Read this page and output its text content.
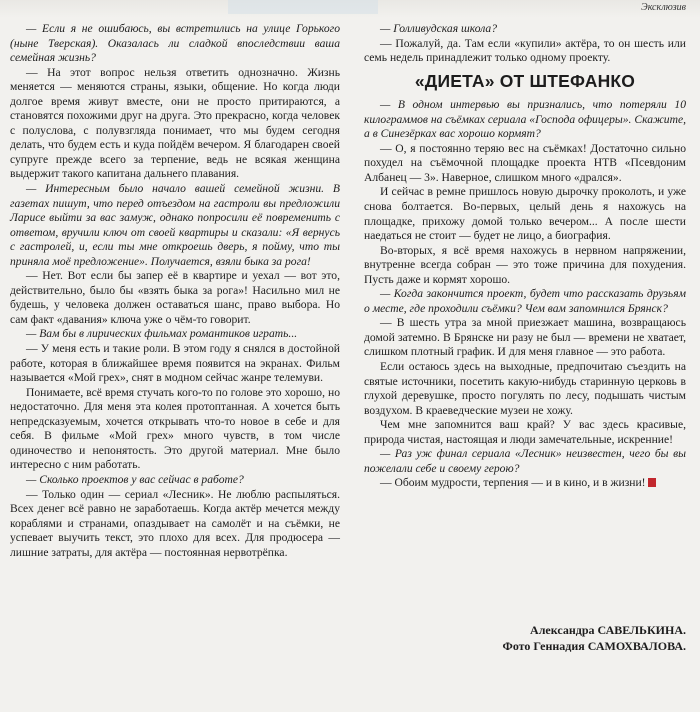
Эксклюзив

— Если я не ошибаюсь, вы встретились на улице Горького (ныне Тверская). Оказалась ли сладкой впоследствии ваша семейная жизнь?

— На этот вопрос нельзя ответить однозначно. Жизнь меняется — меняются страны, языки, общение. Но когда люди долгое время живут вместе, они не просто притираются, а становятся похожими друг на друга. Это прекрасно, когда человек с полуслова, с полувзгляда понимает, что мы будем сегодня делать, что будем есть и куда пойдём вечером. Я благодарен своей супруге прежде всего за терпение, ведь не всякая женщина выдержит такого капитана дальнего плавания.

— Интересным было начало вашей семейной жизни. В газетах пишут, что перед отъездом на гастроли вы предложили Ларисе выйти за вас замуж, однако попросили её повременить с ответом, вручили ключ от своей квартиры и сказали: «Я вернусь с гастролей, и, если ты мне откроешь дверь, я пойму, что ты приняла моё предложение». Получается, взяли быка за рога!

— Нет. Вот если бы запер её в квартире и уехал — вот это, действительно, было бы «взять быка за рога»! Насильно мил не будешь, у человека должен оставаться шанс, право выбора. Но сам факт «давания» ключа уже о чём-то говорит.

— Вам бы в лирических фильмах романтиков играть...

— У меня есть и такие роли. В этом году я снялся в достойной работе, которая в ближайшее время появится на экранах. Фильм называется «Мой грех», снят в модном сейчас жанре телемуви.

Понимаете, всё время стучать кого-то по голове это хорошо, но недостаточно. Для меня эта колея протоптанная. А хочется быть непредсказуемым, хочется открывать что-то новое в себе и для себя. В фильме «Мой грех» много чувств, в том числе одиночество и непонятость. Это другой материал. Мне было интересно с ним работать.

— Сколько проектов у вас сейчас в работе?

— Только один — сериал «Лесник». Не люблю распыляться. Всех денег всё равно не заработаешь. Когда актёр мечется между кораблями и странами, опаздывает на самолёт и на съёмки, не успевает выучить текст, это плохо для всех. Для продюсера — лишние затраты, для актёра — постоянная нервотрёпка.

— Голливудская школа?

— Пожалуй, да. Там если «купили» актёра, то он шесть или семь недель принадлежит только одному проекту.

«ДИЕТА» ОТ ШТЕФАНКО

— В одном интервью вы признались, что потеряли 10 килограммов на съёмках сериала «Господа офицеры». Скажите, а в Синезёрках вас хорошо кормят?

— О, я постоянно теряю вес на съёмках! Достаточно сильно похудел на съёмочной площадке проекта НТВ «Псевдоним Албанец — 3». Наверное, слишком много «дрался».

И сейчас в ремне пришлось новую дырочку проколоть, и уже снова болтается. Во-первых, целый день я нахожусь на площадке, прихожу домой только вечером... А после шести наедаться не стоит — будет не лицо, а биография.

Во-вторых, я всё время нахожусь в нервном напряжении, внутренне всегда собран — это тоже причина для похудения. Пусть даже и кормят хорошо.

— Когда закончится проект, будет что рассказать друзьям о месте, где проходили съёмки? Чем вам запомнился Брянск?

— В шесть утра за мной приезжает машина, возвращаюсь домой затемно. В Брянске ни разу не был — времени не хватает, слишком плотный график. И для меня главное — это работа.

Если остаюсь здесь на выходные, предпочитаю съездить на святые источники, посетить какую-нибудь старинную церковь в глухой деревушке, просто погулять по лесу, подышать чистым воздухом. В краеведческие музеи не хожу.

Чем мне запомнится ваш край? У вас здесь красивые, природа чистая, настоящая и люди замечательные, искренние!

— Раз уж финал сериала «Лесник» неизвестен, чего бы вы пожелали себе и своему герою?

— Обоим мудрости, терпения — и в кино, и в жизни!

Александра САВЕЛЬКИНА.
Фото Геннадия САМОХВАЛОВА.
